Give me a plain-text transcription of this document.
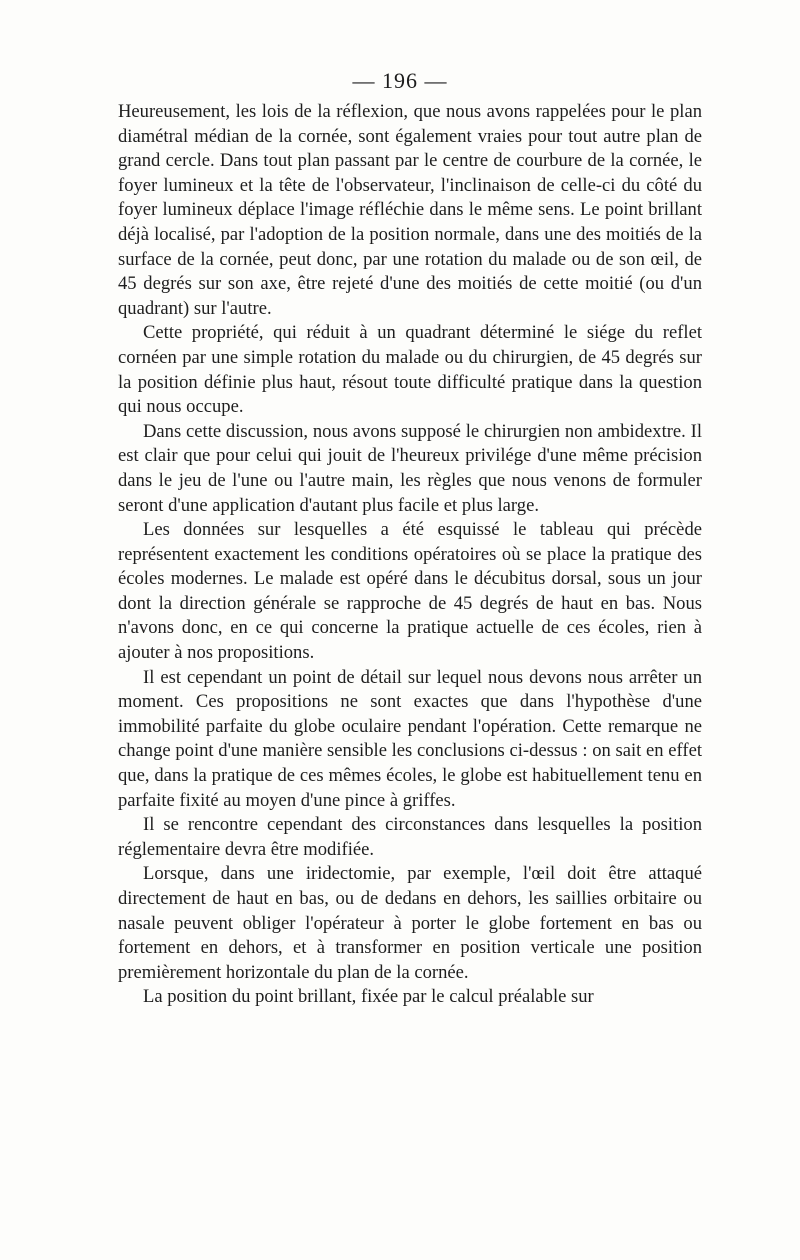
— 196 —

Heureusement, les lois de la réflexion, que nous avons rappelées pour le plan diamétral médian de la cornée, sont également vraies pour tout autre plan de grand cercle. Dans tout plan passant par le centre de courbure de la cornée, le foyer lumineux et la tête de l'observateur, l'inclinaison de celle-ci du côté du foyer lumineux déplace l'image réfléchie dans le même sens. Le point brillant déjà localisé, par l'adoption de la position normale, dans une des moitiés de la surface de la cornée, peut donc, par une rotation du malade ou de son œil, de 45 degrés sur son axe, être rejeté d'une des moitiés de cette moitié (ou d'un quadrant) sur l'autre.

Cette propriété, qui réduit à un quadrant déterminé le siége du reflet cornéen par une simple rotation du malade ou du chirurgien, de 45 degrés sur la position définie plus haut, résout toute difficulté pratique dans la question qui nous occupe.

Dans cette discussion, nous avons supposé le chirurgien non ambidextre. Il est clair que pour celui qui jouit de l'heureux privilége d'une même précision dans le jeu de l'une ou l'autre main, les règles que nous venons de formuler seront d'une application d'autant plus facile et plus large.

Les données sur lesquelles a été esquissé le tableau qui précède représentent exactement les conditions opératoires où se place la pratique des écoles modernes. Le malade est opéré dans le décubitus dorsal, sous un jour dont la direction générale se rapproche de 45 degrés de haut en bas. Nous n'avons donc, en ce qui concerne la pratique actuelle de ces écoles, rien à ajouter à nos propositions.

Il est cependant un point de détail sur lequel nous devons nous arrêter un moment. Ces propositions ne sont exactes que dans l'hypothèse d'une immobilité parfaite du globe oculaire pendant l'opération. Cette remarque ne change point d'une manière sensible les conclusions ci-dessus : on sait en effet que, dans la pratique de ces mêmes écoles, le globe est habituellement tenu en parfaite fixité au moyen d'une pince à griffes.

Il se rencontre cependant des circonstances dans lesquelles la position réglementaire devra être modifiée.

Lorsque, dans une iridectomie, par exemple, l'œil doit être attaqué directement de haut en bas, ou de dedans en dehors, les saillies orbitaire ou nasale peuvent obliger l'opérateur à porter le globe fortement en bas ou fortement en dehors, et à transformer en position verticale une position premièrement horizontale du plan de la cornée.

La position du point brillant, fixée par le calcul préalable sur
